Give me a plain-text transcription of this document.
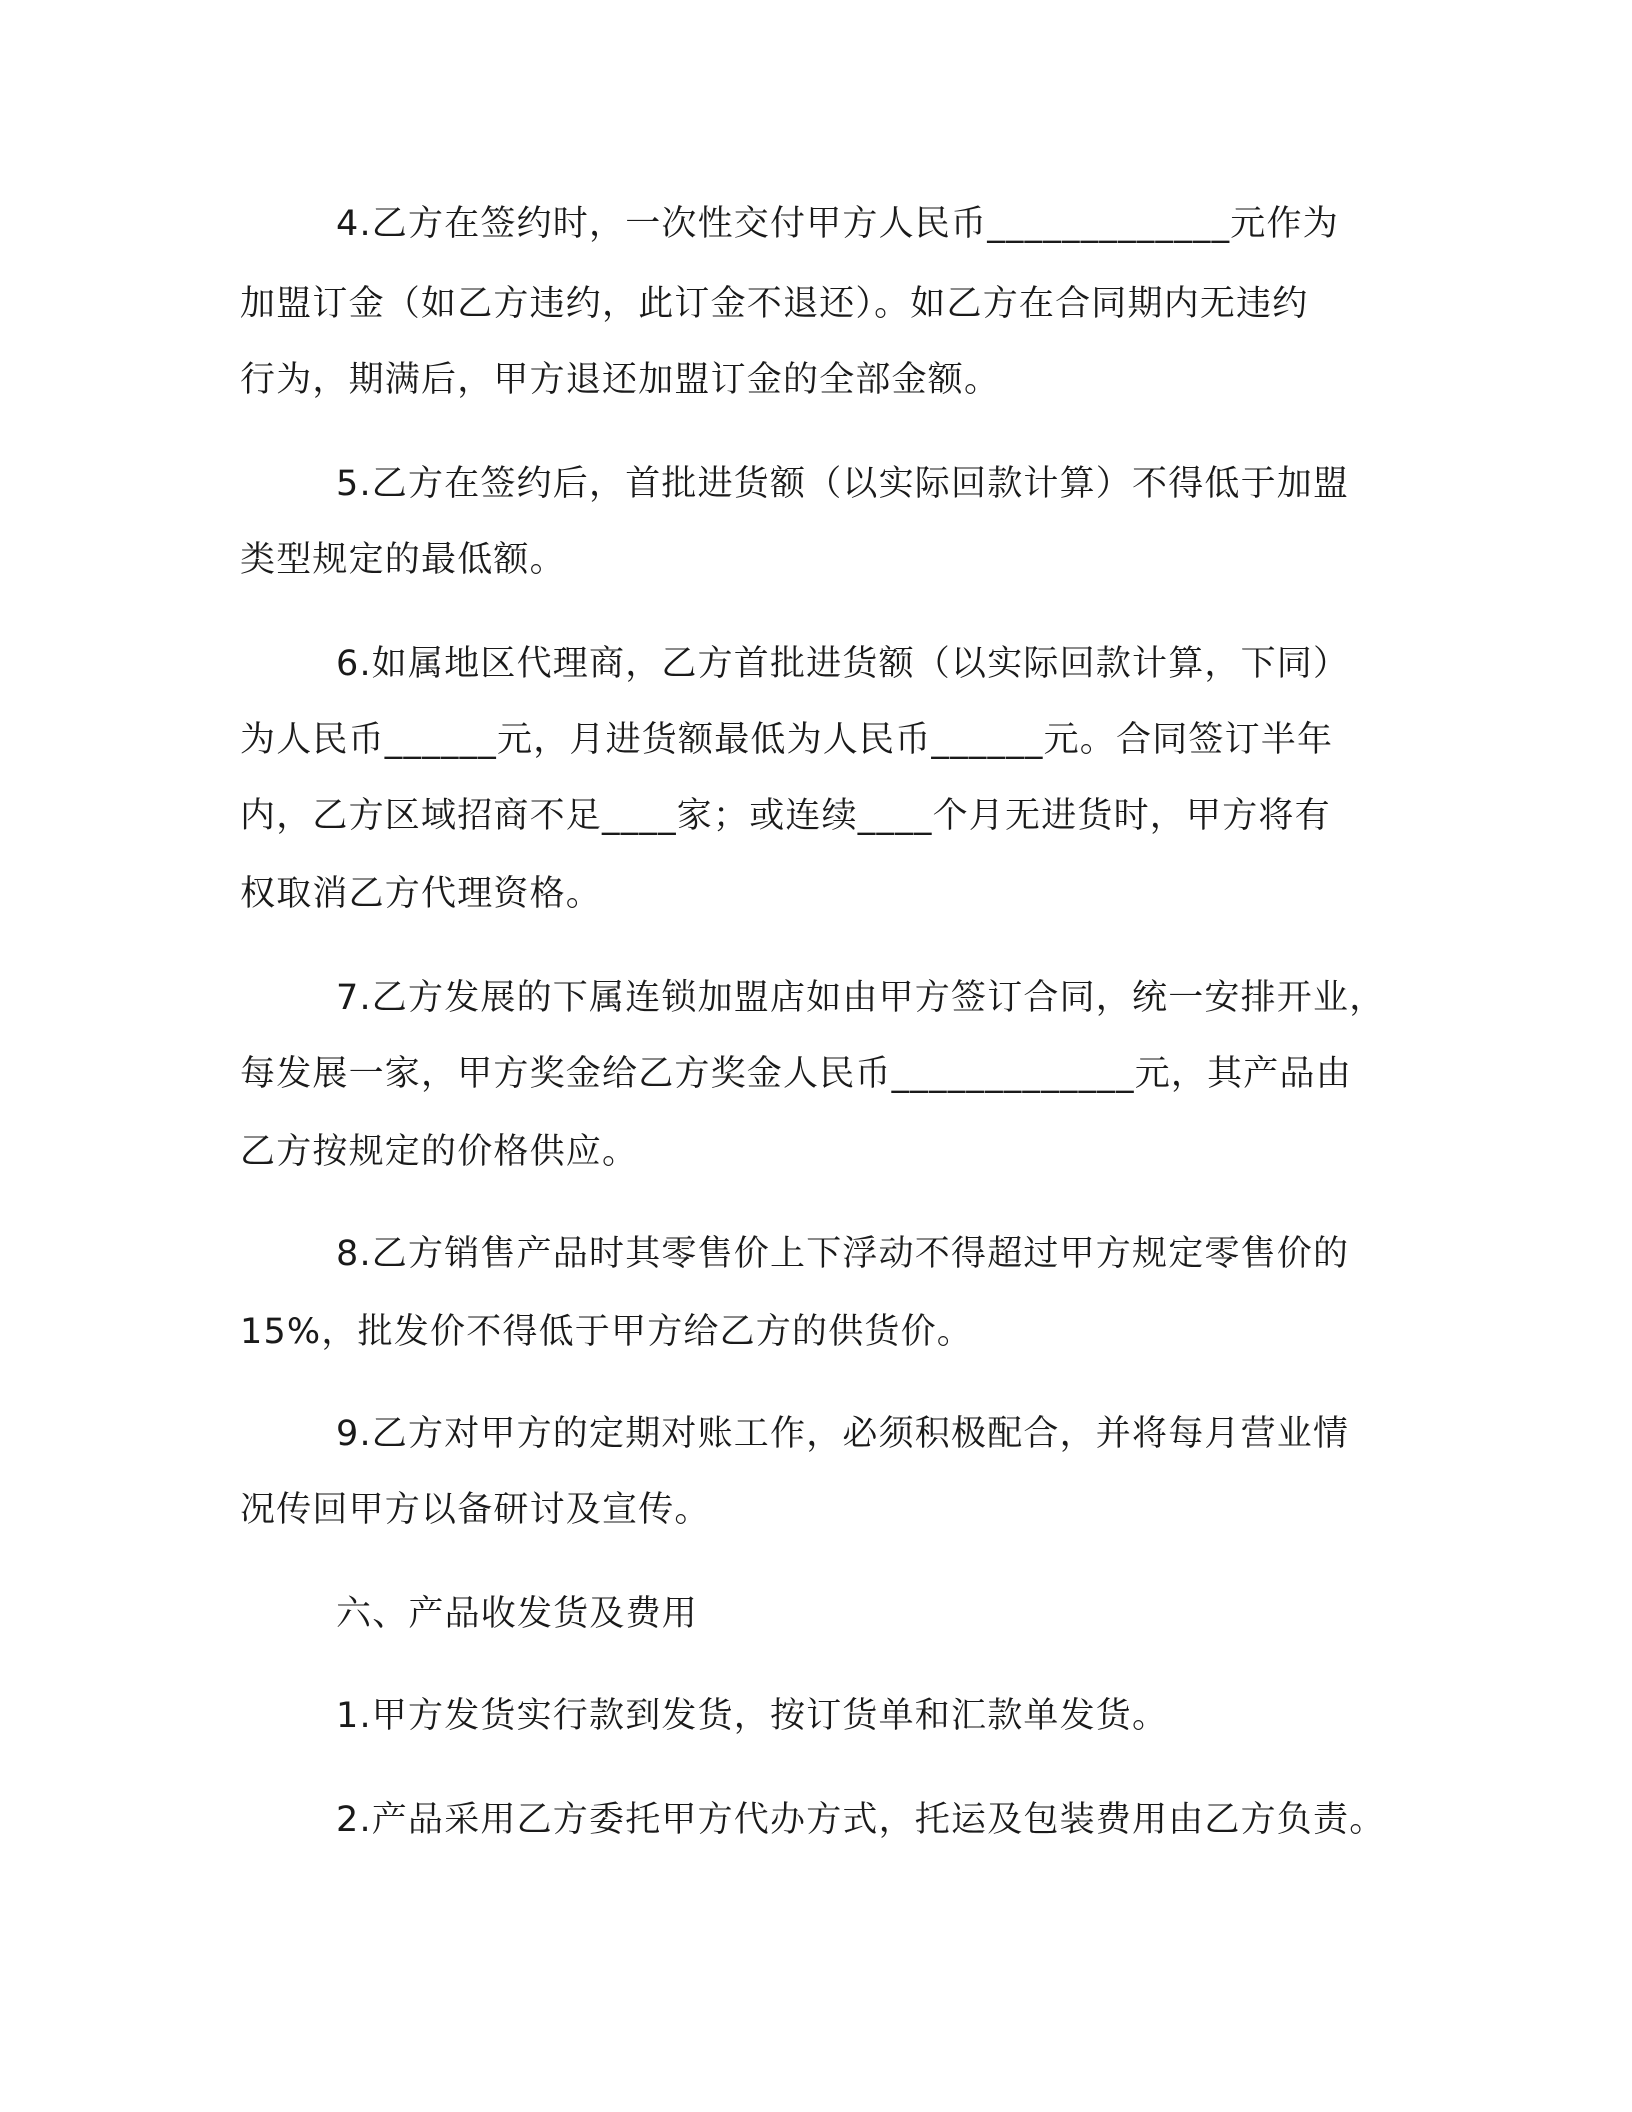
4.乙方在签约时，一次性交付甲方人民币_____________元作为
加盟订金（如乙方违约，此订金不退还）。如乙方在合同期内无违约
行为，期满后，甲方退还加盟订金的全部金额。
5.乙方在签约后，首批进货额（以实际回款计算）不得低于加盟
类型规定的最低额。
6.如属地区代理商，乙方首批进货额（以实际回款计算，下同）
为人民币______元，月进货额最低为人民币______元。合同签订半年
内，乙方区域招商不足____家；或连续____个月无进货时，甲方将有
权取消乙方代理资格。
7.乙方发展的下属连锁加盟店如由甲方签订合同，统一安排开业，
每发展一家，甲方奖金给乙方奖金人民币_____________元，其产品由
乙方按规定的价格供应。
8.乙方销售产品时其零售价上下浮动不得超过甲方规定零售价的
15%，批发价不得低于甲方给乙方的供货价。
9.乙方对甲方的定期对账工作，必须积极配合，并将每月营业情
况传回甲方以备研讨及宣传。
六、产品收发货及费用
1.甲方发货实行款到发货，按订货单和汇款单发货。
2.产品采用乙方委托甲方代办方式，托运及包装费用由乙方负责。
